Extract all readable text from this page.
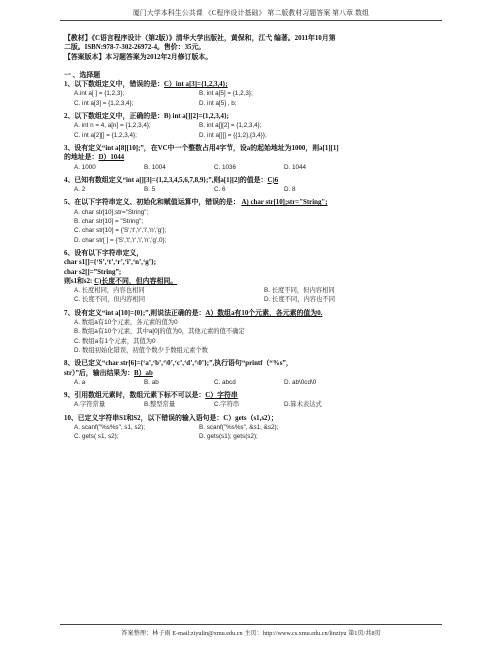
厦门大学本科生公共课 《C程序设计基础》 第二版教材习题答案 第八章 数组

【教材】《C语言程序设计（第2版）》清华大学出版社，黄保和，江弋 编著。2011年10月第

二版。ISBN:978-7-302-26972-4。售价：35元。

【答案版本】本习题答案为2012年2月修订版本。

一 、选择题

1、以下数组定义中，错误的是：C）int a[3]={1,2,3,4};

A.int a[ ] = {1,2,3};	B. int a[5] = {1,2,3};
C. int a[3] = {1,2,3,4};	D. int a[5] , b;

2、以下数组定义中，正确的是：B) int a[][2]={1,2,3,4};

A. int n = 4, a[n] = {1,2,3,4};	B. int a[][2] = {1,2,3,4};
C. int a[2][] = {1,2,3,4};	D. int a[][] = {{1,2},{3,4}};

3、设有定义“int a[8][10];”，在VC中一个整数占用4字节，设a的起始地址为1000，则a[1][1]

的地址是：D）1044

A. 1000	B. 1004	C. 1036	D. 1044

4、已知有数组定义“int a[][3]={1,2,3,4,5,6,7,8,9};”,则a[1][2]的值是：C)6

A. 2	B. 5	C. 6	D. 8

5、在以下字符串定义、初始化和赋值运算中，错误的是： A) char str[10];str="String";

A. char str[10];str="String";

B. char str[10] = "String";

C. char str[10] = {'S','t','r','i','n','g'};

D. char str[ ] = {'S','t','r','i','n','g',0};

6、设有以下字符串定义，

char s1[]={‘S’,‘t’,‘r’,‘i’,‘n’,‘g’};

char s2[]=”String”;

则s1和s2: C)长度不同，但内容相同。

A. 长度相同，内容也相同	B. 长度不同，但内容相同
C. 长度不同，但内容相同	D. 长度不同，内容也不同

7、设有定义“int a[10]={0};”,则说法正确的是：A）数组a有10个元素，各元素的值为0.

A. 数组a有10个元素，各元素的值为0

B. 数组a有10个元素，其中a[0]的值为0，其他元素的值不确定

C. 数组a有1个元素，其值为0

D. 数组初始化错误，初值个数少于数组元素个数

8、设已定义“char str[6]={‘a’,‘b’,‘\0’,‘c’,‘d’,‘\0’};”,执行语句“printf（“%s”，

str）”后，输出结果为：B）ab

A. a	B. ab	C. abcd	D. ab\0cd\0

9、引用数组元素时，数组元素下标不可以是：C）字符串

A.字符常量	B.整型常量	C.字符串	D.算术表达式

10、已定义字符串S1和S2，以下错误的输入语句是：C）gets（s1,s2）；

A. scanf("%s%s", s1, s2);	B. scanf("%s%s", &s1, &s2);
C. gets( s1, s2);	D. gets(s1); gets(s2);
答案整理：林子雨 E-mail:ziyulin@xmu.edu.cn 主页：http://www.cs.xmu.edu.cn/linziyu 第1页/共8页
